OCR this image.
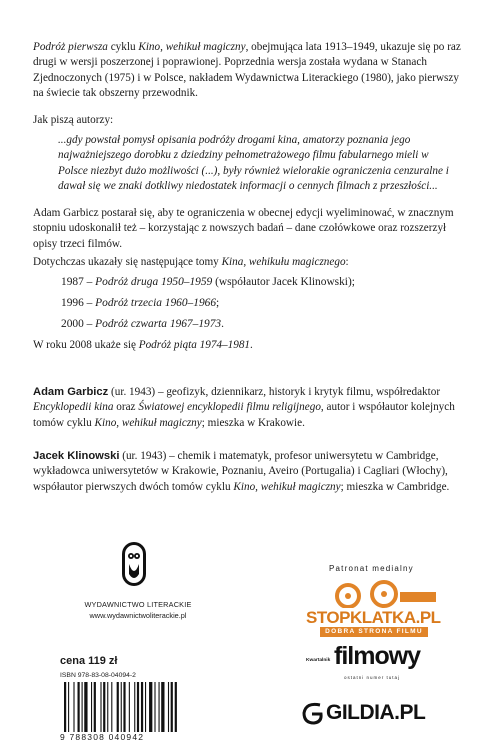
Podróż pierwsza cyklu Kino, wehikuł magiczny, obejmująca lata 1913–1949, ukazuje się po raz drugi w wersji poszerzonej i poprawionej. Poprzednia wersja została wydana w Stanach Zjednoczonych (1975) i w Polsce, nakładem Wydawnictwa Literackiego (1980), jako pierwszy na świecie tak obszerny przewodnik.

Jak piszą autorzy:

...gdy powstał pomysł opisania podróży drogami kina, amatorzy poznania jego najważniejszego dorobku z dziedziny pełnometrażowego filmu fabularnego mieli w Polsce niezbyt dużo możliwości (...), były również wielorakie ograniczenia cenzuralne i dawał się we znaki dotkliwy niedostatek informacji o cennych filmach z przeszłości...

Adam Garbicz postarał się, aby te ograniczenia w obecnej edycji wyeliminować, w znacznym stopniu udoskonalił też – korzystając z nowszych badań – dane czołówkowe oraz rozszerzył opisy trzeci filmów.

Dotychczas ukazały się następujące tomy Kina, wehikułu magicznego:

1987 – Podróż druga 1950–1959 (współautor Jacek Klinowski);
1996 – Podróż trzecia 1960–1966;
2000 – Podróż czwarta 1967–1973.

W roku 2008 ukaże się Podróż piąta 1974–1981.

Adam Garbicz (ur. 1943) – geofizyk, dziennikarz, historyk i krytyk filmu, współredaktor Encyklopedii kina oraz Światowej encyklopedii filmu religijnego, autor i współautor kolejnych tomów cyklu Kino, wehikuł magiczny; mieszka w Krakowie.

Jacek Klinowski (ur. 1943) – chemik i matematyk, profesor uniwersytetu w Cambridge, wykładowca uniwersytetów w Krakowie, Poznaniu, Aveiro (Portugalia) i Cagliari (Włochy), współautor pierwszych dwóch tomów cyklu Kino, wehikuł magiczny; mieszka w Cambridge.

WYDAWNICTWO LITERACKIE
www.wydawnictwoliterackie.pl
cena 119 zł
ISBN 978-83-08-04094-2
9 788308 040942
Patronat medialny
STOPKLATKA.PL
DOBRA STRONA FILMU
Kwartalnik filmowy
ostatni numer tutaj
GILDIA.PL
